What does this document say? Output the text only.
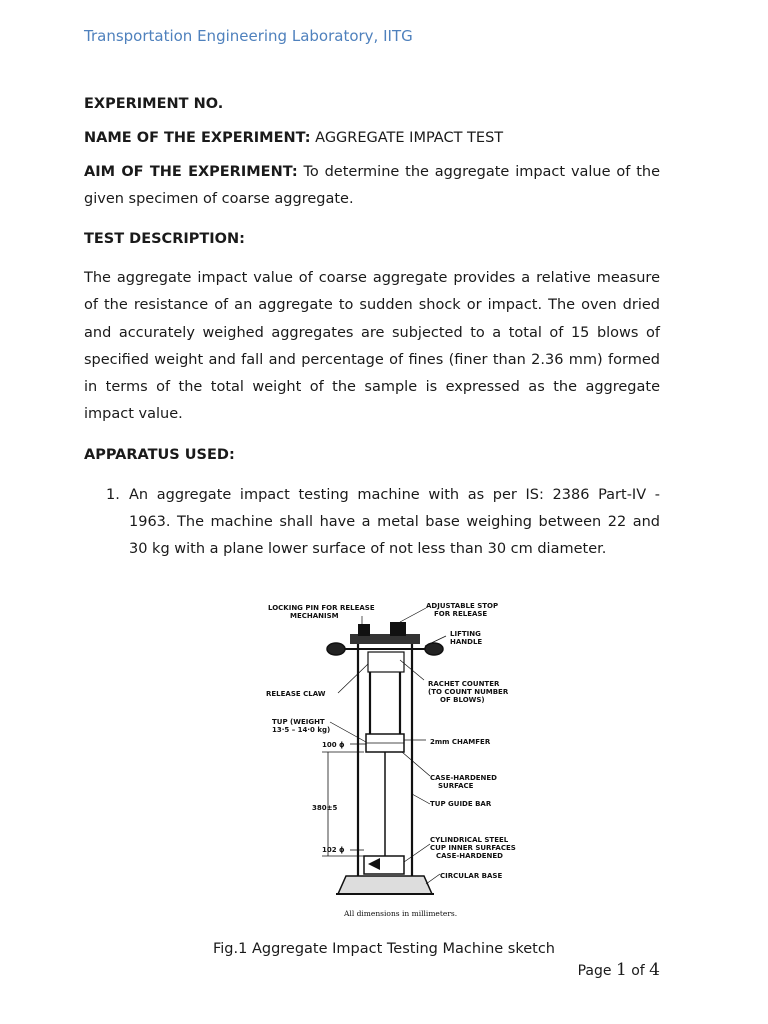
Transportation Engineering Laboratory, IITG
EXPERIMENT NO.
NAME OF THE EXPERIMENT: AGGREGATE IMPACT TEST
AIM OF THE EXPERIMENT: To determine the aggregate impact value of the given specimen of coarse aggregate.
TEST DESCRIPTION:
The aggregate impact value of coarse aggregate provides a relative measure of the resistance of an aggregate to sudden shock or impact. The oven dried and accurately weighed aggregates are subjected to a total of 15 blows of specified weight and fall and percentage of fines (finer than 2.36 mm) formed in terms of the total weight of the sample is expressed as the aggregate impact value.
APPARATUS USED:
1. An aggregate impact testing machine with as per IS: 2386 Part-IV - 1963. The machine shall have a metal base weighing between 22 and 30 kg with a plane lower surface of not less than 30 cm diameter.
LOCKING PIN FOR RELEASE
MECHANISM
ADJUSTABLE STOP
FOR RELEASE
LIFTING
HANDLE
RELEASE CLAW
RACHET COUNTER
(TO COUNT NUMBER
OF BLOWS)
TUP (WEIGHT
13·5 – 14·0 kg)
100 ϕ	2mm CHAMFER
CASE-HARDENED
SURFACE
380±5	TUP GUIDE BAR
CYLINDRICAL STEEL
CUP INNER SURFACES
CASE-HARDENED
102 ϕ
CIRCULAR BASE
All dimensions in millimeters.
Fig.1 Aggregate Impact Testing Machine sketch
Page 1 of 4
